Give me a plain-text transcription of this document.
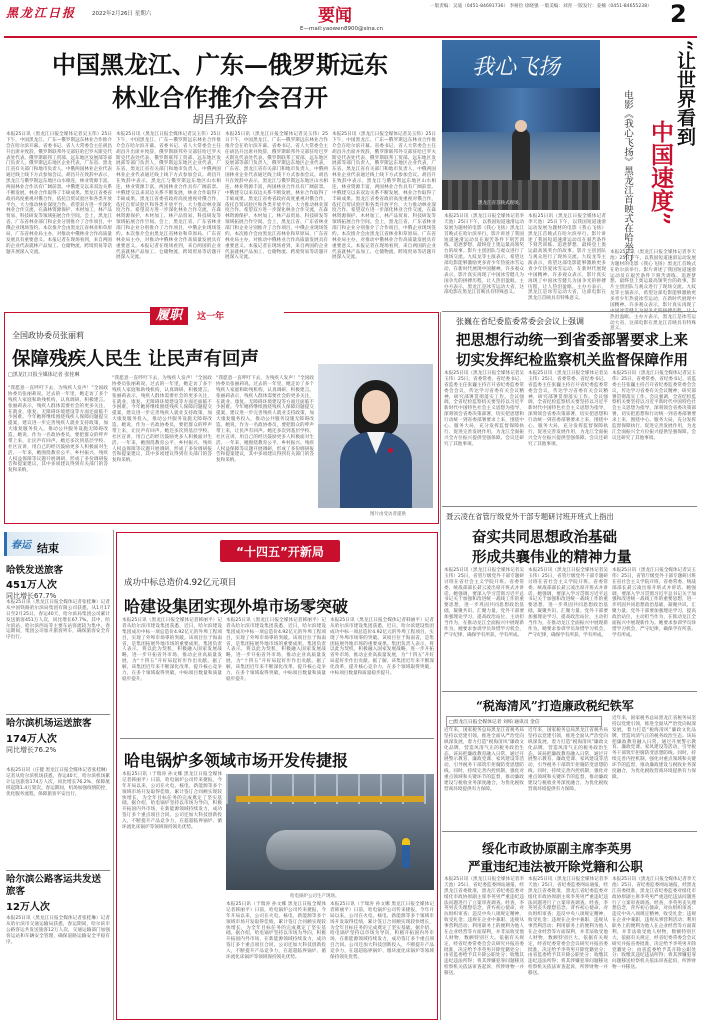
黑龙江日报	2022年2月26日 星期六	要闻
E—mail:yaowen8900@sina.cn
一版责编：吴迪（0451-84691736） 李树俭 徐晓强 一版美编：刘青 一版发行：姜楠（0451-84655238） 2
中国黑龙江、广东—俄罗斯远东
林业合作推介会召开
胡昌升致辞
本报25日讯（黑龙江日报全媒体记者吴玉伟）25日下午，中国黑龙江、广东—俄罗斯远东林业合作推介会在哈尔滨开幕。省委书记、省人大常委会主任胡昌升出席并致辞，俄罗斯联邦外交部驻哈巴罗夫斯克代表处代表、俄罗斯联邦工贸部、远东地区发展部等部门负责人，俄罗斯远东地区企业代表，广东省、黑龙江省有关部门和地市负责人，中俄两国林业企业代表通过线上线下方式参加会议。胡昌升在致辞中表示，黑龙江与俄罗斯远东地区山水相连，林业资源丰富，两国林业合作具有广阔前景。中俄建交以来双边关系不断发展，林业合作取得了丰硕成果。黑龙江省委省政府高度重视对俄合作，依托自贸试验区和各类开放平台，大力推动林业深度合作。希望双方进一步深化林业合作交流，在森林资源保护、木材加工、林产品贸易、科技研发等领域拓展合作空间。会上，黑龙江省、广东省林业部门和企业分别推介了合作项目，中俄企业现场签约。本次推介会由黑龙江省林业和草原局、广东省林业局主办，对推动中俄林业合作高质量发展具有重要意义。本报记者在现场看到，来自两国的企业代表就林产品加工、仓储物流、跨境贸易等话题开展深入交流。
本报25日讯（黑龙江日报全媒体记者吴玉伟）25日下午，中国黑龙江、广东—俄罗斯远东林业合作推介会在哈尔滨开幕。省委书记、省人大常委会主任胡昌升出席并致辞，俄罗斯联邦外交部驻哈巴罗夫斯克代表处代表、俄罗斯联邦工贸部、远东地区发展部等部门负责人，俄罗斯远东地区企业代表，广东省、黑龙江省有关部门和地市负责人，中俄两国林业企业代表通过线上线下方式参加会议。胡昌升在致辞中表示，黑龙江与俄罗斯远东地区山水相连，林业资源丰富，两国林业合作具有广阔前景。中俄建交以来双边关系不断发展，林业合作取得了丰硕成果。黑龙江省委省政府高度重视对俄合作，依托自贸试验区和各类开放平台，大力推动林业深度合作。希望双方进一步深化林业合作交流，在森林资源保护、木材加工、林产品贸易、科技研发等领域拓展合作空间。会上，黑龙江省、广东省林业部门和企业分别推介了合作项目，中俄企业现场签约。本次推介会由黑龙江省林业和草原局、广东省林业局主办，对推动中俄林业合作高质量发展具有重要意义。本报记者在现场看到，来自两国的企业代表就林产品加工、仓储物流、跨境贸易等话题开展深入交流。
本报25日讯（黑龙江日报全媒体记者吴玉伟）25日下午，中国黑龙江、广东—俄罗斯远东林业合作推介会在哈尔滨开幕。省委书记、省人大常委会主任胡昌升出席并致辞，俄罗斯联邦外交部驻哈巴罗夫斯克代表处代表、俄罗斯联邦工贸部、远东地区发展部等部门负责人，俄罗斯远东地区企业代表，广东省、黑龙江省有关部门和地市负责人，中俄两国林业企业代表通过线上线下方式参加会议。胡昌升在致辞中表示，黑龙江与俄罗斯远东地区山水相连，林业资源丰富，两国林业合作具有广阔前景。中俄建交以来双边关系不断发展，林业合作取得了丰硕成果。黑龙江省委省政府高度重视对俄合作，依托自贸试验区和各类开放平台，大力推动林业深度合作。希望双方进一步深化林业合作交流，在森林资源保护、木材加工、林产品贸易、科技研发等领域拓展合作空间。会上，黑龙江省、广东省林业部门和企业分别推介了合作项目，中俄企业现场签约。本次推介会由黑龙江省林业和草原局、广东省林业局主办，对推动中俄林业合作高质量发展具有重要意义。本报记者在现场看到，来自两国的企业代表就林产品加工、仓储物流、跨境贸易等话题开展深入交流。
本报25日讯（黑龙江日报全媒体记者吴玉伟）25日下午，中国黑龙江、广东—俄罗斯远东林业合作推介会在哈尔滨开幕。省委书记、省人大常委会主任胡昌升出席并致辞，俄罗斯联邦外交部驻哈巴罗夫斯克代表处代表、俄罗斯联邦工贸部、远东地区发展部等部门负责人，俄罗斯远东地区企业代表，广东省、黑龙江省有关部门和地市负责人，中俄两国林业企业代表通过线上线下方式参加会议。胡昌升在致辞中表示，黑龙江与俄罗斯远东地区山水相连，林业资源丰富，两国林业合作具有广阔前景。中俄建交以来双边关系不断发展，林业合作取得了丰硕成果。黑龙江省委省政府高度重视对俄合作，依托自贸试验区和各类开放平台，大力推动林业深度合作。希望双方进一步深化林业合作交流，在森林资源保护、木材加工、林产品贸易、科技研发等领域拓展合作空间。会上，黑龙江省、广东省林业部门和企业分别推介了合作项目，中俄企业现场签约。本次推介会由黑龙江省林业和草原局、广东省林业局主办，对推动中俄林业合作高质量发展具有重要意义。本报记者在现场看到，来自两国的企业代表就林产品加工、仓储物流、跨境贸易等话题开展深入交流。
履职 这一年
全国政协委员张丽莉
保障残疾人民生 让民声有回声
□黑龙江日报全媒体记者 张桂琳
“我愿意一直呼吁下去，为残疾人发声！”全国政协委员张丽莉说。过去的一年里，她走访了多个残疾人家庭和助残机构，认真调研、积极建言。张丽莉表示，残疾人群体需要社会的更多关注，在就业、康复、无障碍环境建设等方面还面临不少困难。今年她将继续围绕残疾人保障问题提交提案，建议进一步完善残疾人就业支持政策，加大康复服务投入，推动公共服务设施无障碍改造。她说，作为一名政协委员，要把群众的呼声带上来，让民声有回声。她还多次到基层学校、社区宣讲，用自己的经历鼓励更多人积极面对生活。一年来，她围绕教育公平、乡村振兴、残疾人权益保障等议题开展调研，形成了多份调研报告和提案建议，其中多项建议得到有关部门的答复和采纳。
“我愿意一直呼吁下去，为残疾人发声！”全国政协委员张丽莉说。过去的一年里，她走访了多个残疾人家庭和助残机构，认真调研、积极建言。张丽莉表示，残疾人群体需要社会的更多关注，在就业、康复、无障碍环境建设等方面还面临不少困难。今年她将继续围绕残疾人保障问题提交提案，建议进一步完善残疾人就业支持政策，加大康复服务投入，推动公共服务设施无障碍改造。她说，作为一名政协委员，要把群众的呼声带上来，让民声有回声。她还多次到基层学校、社区宣讲，用自己的经历鼓励更多人积极面对生活。一年来，她围绕教育公平、乡村振兴、残疾人权益保障等议题开展调研，形成了多份调研报告和提案建议，其中多项建议得到有关部门的答复和采纳。
“我愿意一直呼吁下去，为残疾人发声！”全国政协委员张丽莉说。过去的一年里，她走访了多个残疾人家庭和助残机构，认真调研、积极建言。张丽莉表示，残疾人群体需要社会的更多关注，在就业、康复、无障碍环境建设等方面还面临不少困难。今年她将继续围绕残疾人保障问题提交提案，建议进一步完善残疾人就业支持政策，加大康复服务投入，推动公共服务设施无障碍改造。她说，作为一名政协委员，要把群众的呼声带上来，让民声有回声。她还多次到基层学校、社区宣讲，用自己的经历鼓励更多人积极面对生活。一年来，她围绕教育公平、乡村振兴、残疾人权益保障等议题开展调研，形成了多份调研报告和提案建议，其中多项建议得到有关部门的答复和采纳。
图片由受访者提供
我心飞扬
黑龙江省首映式现场。
“让世界看到
中国速度”
电影《我心飞扬》黑龙江首映式在哈举行
本报25日讯（黑龙江日报全媒体记者李天池）25日下午，以我国短道速滑运动发展为题材的电影《我心飞扬》黑龙江首映式在哈尔滨举行。影片讲述了我国短道速滑运动员在艰苦条件下刻苦训练、追逐梦想、最终登上奥运最高领奖台的故事。影片主创团队与观众进行了现场交流。九纹龙等主演表示，希望这部电影能够激励更多青少年热爱冰雪运动，在新时代展现中国精神。许多观众表示，影片真实再现了中国冰雪健儿为国争光的拼搏历程，让人热泪盈眶。主办方表示，黑龙江是冰雪运动大省，这部电影在黑龙江首映具有特殊意义。
本报25日讯（黑龙江日报全媒体记者李天池）25日下午，以我国短道速滑运动发展为题材的电影《我心飞扬》黑龙江首映式在哈尔滨举行。影片讲述了我国短道速滑运动员在艰苦条件下刻苦训练、追逐梦想、最终登上奥运最高领奖台的故事。影片主创团队与观众进行了现场交流。九纹龙等主演表示，希望这部电影能够激励更多青少年热爱冰雪运动，在新时代展现中国精神。许多观众表示，影片真实再现了中国冰雪健儿为国争光的拼搏历程，让人热泪盈眶。主办方表示，黑龙江是冰雪运动大省，这部电影在黑龙江首映具有特殊意义。
本报25日讯（黑龙江日报全媒体记者李天池）25日下午，以我国短道速滑运动发展为题材的电影《我心飞扬》黑龙江首映式在哈尔滨举行。影片讲述了我国短道速滑运动员在艰苦条件下刻苦训练、追逐梦想、最终登上奥运最高领奖台的故事。影片主创团队与观众进行了现场交流。九纹龙等主演表示，希望这部电影能够激励更多青少年热爱冰雪运动，在新时代展现中国精神。许多观众表示，影片真实再现了 热泪盈眶。主办方表示，黑龙江是冰雪运动大省，这部电影在黑龙江首映具有特殊意义。
张巍在省纪委监委常委会会议上强调
把思想行动统一到省委部署要求上来
切实发挥纪检监察机关监督保障作用
本报25日讯（黑龙江日报全媒体记者吴玉伟）25日，省委常委、省纪委书记、省监委主任张巍主持召开省纪委监委常委会会议，传达学习省委有关会议精神，研究部署贯彻落实工作。会议强调，全省纪检监察机关要坚持以习近平新时代中国特色社会主义思想为指导，深刻领会省委决策部署，切实把思想和行动统一到省委部署要求上来，围绕中心、服务大局，充分发挥监督保障执行、促进完善发展作用，为龙江全面振兴全方位振兴提供坚强保障。会议还研究了其他事项。
本报25日讯（黑龙江日报全媒体记者吴玉伟）25日，省委常委、省纪委书记、省监委主任张巍主持召开省纪委监委常委会会议，传达学习省委有关会议精神，研究部署贯彻落实工作。会议强调，全省纪检监察机关要坚持以习近平新时代中国特色社会主义思想为指导，深刻领会省委决策部署，切实把思想和行动统一到省委部署要求上来，围绕中心、服务大局，充分发挥监督保障执行、促进完善发展作用，为龙江全面振兴全方位振兴提供坚强保障。会议还研究了其他事项。
本报25日讯（黑龙江日报全媒体记者吴玉伟）25日，省委常委、省纪委书记、省监委主任张巍主持召开省纪委监委常委会会议，传达学习省委有关会议精神，研究部署贯彻落实工作。会议强调，全省纪检监察机关要坚持以习近平新时代中国特色社会主义思想为指导，深刻领会省委决策部署，切实把思想和行动统一到省委部署要求上来，围绕中心、服务大局，充分发挥监督保障执行、促进完善发展作用，为龙江全面振兴全方位振兴提供坚强保障。会议还研究了其他事项。
聂云凌在省管厅级党外干部专题研讨班开班式上指出
奋实共同思想政治基础
形成共襄伟业的精神力量
本报25日讯（黑龙江日报全媒体记者吴玉伟）25日，省管厅级党外干部专题研讨班在省社会主义学院开班。省委常委、统战部部长聂云凌出席开班式并讲话。她强调，要深入学习贯彻习近平总书记关于加强和改进统一战线工作的重要思想，进一步巩固共同思想政治基础，凝聚共识、汇聚力量。党外干部要加强理论学习，提高政治站位，主动担当作为，在推动龙江全面振兴中展现新作为。她要求参训学员珍惜学习机会，严守纪律，确保学有所获、学有所成。
本报25日讯（黑龙江日报全媒体记者吴玉伟）25日，省管厅级党外干部专题研讨班在省社会主义学院开班。省委常委、统战部部长聂云凌出席开班式并讲话。她强调，要深入学习贯彻习近平总书记关于加强和改进统一战线工作的重要思想，进一步巩固共同思想政治基础，凝聚共识、汇聚力量。党外干部要加强理论学习，提高政治站位，主动担当作为，在推动龙江全面振兴中展现新作为。她要求参训学员珍惜学习机会，严守纪律，确保学有所获、学有所成。
本报25日讯（黑龙江日报全媒体记者吴玉伟）25日，省管厅级党外干部专题研讨班在省社会主义学院开班。省委常委、统战部部长聂云凌出席开班式并讲话。她强调，要深入学习贯彻习近平总书记关于加强和改进统一战线工作的重要思想，进一步巩固共同思想政治基础，凝聚共识、汇聚力量。党外干部要加强理论学习，提高政治站位，主动担当作为，在推动龙江全面振兴中展现新作为。她要求参训学员珍惜学习机会，严守纪律，确保学有所获、学有所成。
“税海清风”打造廉政税纪铁军
□黑龙江日报全媒体记者 刘柏 通讯员 金信
近年来，国家税务总局黑龙江省税务局坚持以党建引领，推进全面从严治党向纵深发展，着力打造“税海清风”廉政文化品牌，营造风清气正的税务政治生态。该局把廉政教育融入日常，通过开展警示教育、廉政党课、家风建设等活动，引导税务干部筑牢拒腐防变思想防线。同时，持续完善内控机制，强化对重点领域和关键环节的监督，推动廉政建设与税收业务深度融合，为优化税收营商环境提供有力保障。
近年来，国家税务总局黑龙江省税务局坚持以党建引领，推进全面从严治党向纵深发展，着力打造“税海清风”廉政文化品牌，营造风清气正的税务政治生态。该局把廉政教育融入日常，通过开展警示教育、廉政党课、家风建设等活动，引导税务干部筑牢拒腐防变思想防线。同时，持续完善内控机制，强化对重点领域和关键环节的监督，推动廉政建设与税收业务深度融合，为优化税收营商环境提供有力保障。
近年来，国家税务总局黑龙江省税务局坚持以党建引领，推进全面从严治党向纵深发展，着力打造“税海清风”廉政文化品牌，营造风清气正的税务政治生态。该局把廉政教育融入日常，通过开展警示教育、廉政党课、家风建设等活动，引导税务干部筑牢拒腐防变思想防线。同时，持续完善内控机制，强化对重点领域和关键环节的监督，推动廉政建设与税收业务深度融合，为优化税收营商环境提供有力保障。
绥化市政协原副主席李英男
严重违纪违法被开除党籍和公职
本报25日讯（黑龙江日报全媒体记者李天池）25日，省纪委监委网站通报，经黑龙江省委批准，黑龙江省纪委监委对绥化市政协原副主席李英男严重违纪违法问题进行了立案审查调查。经查，李英男丧失理想信念，背弃初心使命，对抗组织审查；违反中央八项规定精神，收受礼金；违规在企业中兼职，违规从事营利活动；利用职务上的便利为他人在企业经营等方面谋利，并非法收受他人财物，数额特别巨大。依据有关规定，经省纪委常委会会议研究并报省委批准，决定给予李英男开除党籍处分；由省监委给予其开除公职处分；收缴其违纪违法所得；将其涉嫌犯罪问题移送检察机关依法审查起诉，所涉财物一并移送。
本报25日讯（黑龙江日报全媒体记者李天池）25日，省纪委监委网站通报，经黑龙江省委批准，黑龙江省纪委监委对绥化市政协原副主席李英男严重违纪违法问题进行了立案审查调查。经查，李英男丧失理想信念，背弃初心使命，对抗组织审查；违反中央八项规定精神，收受礼金；违规在企业中兼职，违规从事营利活动；利用职务上的便利为他人在企业经营等方面谋利，并非法收受他人财物，数额特别巨大。依据有关规定，经省纪委常委会会议研究并报省委批准，决定给予李英男开除党籍处分；由省监委给予其开除公职处分；收缴其违纪违法所得；将其涉嫌犯罪问题移送检察机关依法审查起诉，所涉财物一并移送。
本报25日讯（黑龙江日报全媒体记者李天池）25日，省纪委监委网站通报，经黑龙江省委批准，黑龙江省纪委监委对绥化市政协原副主席李英男严重违纪违法问题进行了立案审查调查。经查，李英男丧失理想信念，背弃初心使命，对抗组织审查；违反中央八项规定精神，收受礼金；违规在企业中兼职，违规从事营利活动；利用职务上的便利为他人在企业经营等方面谋利，并非法收受他人财物，数额特别巨大。依据有关规定，经省纪委常委会会议研究并报省委批准，决定给予李英男开除党籍处分；由省监委给予其开除公职处分；收缴其违纪违法所得；将其涉嫌犯罪问题移送检察机关依法审查起诉，所涉财物一并移送。
春运 结束
哈铁发送旅客
451万人次
同比增长67.7%
本报25日讯（黑龙江日报全媒体记者张桂琳）记者从中国铁路哈尔滨局集团有限公司获悉，从1月17日至2月25日，春运40天，哈尔滨局集团公司累计发送旅客451万人次，同比增长67.7%。其中，哈尔滨站、哈尔滨西站等主要车站客流较为集中。春运期间，集团公司加开旅客列车，确保旅客安全有序出行。
哈尔滨机场运送旅客
174万人次
同比增长76.2%
本报25日讯（庄健 黑龙江日报全媒体记者张桂琳）记者从哈尔滨机场获悉，春运40天，哈尔滨机场累计运送旅客174万人次，同比增长76.2%，保障航班起降1.4万架次。春运期间，机场加强疫情防控，优化服务流程，保障旅客平安出行。
哈尔滨公路客运共发送旅客
12万人次
本报25日讯（黑龙江日报全媒体记者张桂琳）记者从哈尔滨市交通运输局获悉，春运期间，哈尔滨市公路客运共发送旅客12万人次，交通运输部门加强客运站和车辆安全管理，确保道路运输安全平稳有序。
“十四五”开新局
成功中标总造价4.92亿元项目
哈建设集团实现外埠市场零突破
本报25日讯（黑龙江日报全媒体记者韩丽平）记者从哈尔滨市建设集团获悉，近日，哈尔滨建设集团成功中标一项总造价4.92亿元的外埠工程项目，实现了外埠市场零的突破。该项目位于海南省，是集团拓展外地市场的重要成果。集团负责人表示，将以此为契机，积极融入国家发展战略，进一步开拓省外市场，推动企业高质量发展，为“十四五”开好局起好步作出贡献。据了解，该集团近年来不断深化改革，提升核心竞争力，在多个领域取得突破，中标项目数量和质量稳步提升。
本报25日讯（黑龙江日报全媒体记者韩丽平）记者从哈尔滨市建设集团获悉，近日，哈尔滨建设集团成功中标一项总造价4.92亿元的外埠工程项目，实现了外埠市场零的突破。该项目位于海南省，是集团拓展外地市场的重要成果。集团负责人表示，将以此为契机，积极融入国家发展战略，进一步开拓省外市场，推动企业高质量发展，为“十四五”开好局起好步作出贡献。据了解，该集团近年来不断深化改革，提升核心竞争力，在多个领域取得突破，中标项目数量和质量稳步提升。
本报25日讯（黑龙江日报全媒体记者韩丽平）记者从哈尔滨市建设集团获悉，近日，哈尔滨建设集团成功中标一项总造价4.92亿元的外埠工程项目，实现了外埠市场零的突破。该项目位于海南省，是集团拓展外地市场的重要成果。集团负责人表示，将以此为契机，积极融入国家发展战略，进一步开拓省外市场，推动企业高质量发展，为“十四五”开好局起好步作出贡献。据了解，该集团近年来不断深化改革，提升核心竞争力，在多个领域取得突破，中标项目数量和质量稳步提升。
哈电锅炉多领域市场开发传捷报
本报25日讯（于瑞涛 孙文娜 黑龙江日报全媒体记者韩丽平）日前，哈电锅炉公司传来捷报，今年开局以来，公司在火电、核电、新能源等多个领域市场开发取得佳绩，累计签订合同额实现较快增长，为全年目标任务的完成奠定了坚实基础。据介绍，哈电锅炉坚持以市场为导向，积极开拓国内外市场，在新能源领域持续发力，成功签订多个重点项目合同。公司还加大科技创新投入，不断提升产品竞争力，在超超临界锅炉、循环流化床锅炉等领域保持领先优势。
哈电锅炉公司生产现场。
本报25日讯（于瑞涛 孙文娜 黑龙江日报全媒体记者韩丽平）日前，哈电锅炉公司传来捷报，今年开局以来，公司在火电、核电、新能源等多个领域市场开发取得佳绩，累计签订合同额实现较快增长，为全年目标任务的完成奠定了坚实基础。据介绍，哈电锅炉坚持以市场为导向，积极开拓国内外市场，在新能源领域持续发力，成功签订多个重点项目合同。公司还加大科技创新投入，不断提升产品竞争力，在超超临界锅炉、循环流化床锅炉等领域保持领先优势。
本报25日讯（于瑞涛 孙文娜 黑龙江日报全媒体记者韩丽平）日前，哈电锅炉公司传来捷报，今年开局以来，公司在火电、核电、新能源等多个领域市场开发取得佳绩，累计签订合同额实现较快增长，为全年目标任务的完成奠定了坚实基础。据介绍，哈电锅炉坚持以市场为导向，积极开拓国内外市场，在新能源领域持续发力，成功签订多个重点项目合同。公司还加大科技创新投入，不断提升产品竞争力，在超超临界锅炉、循环流化床锅炉等领域保持领先优势。
